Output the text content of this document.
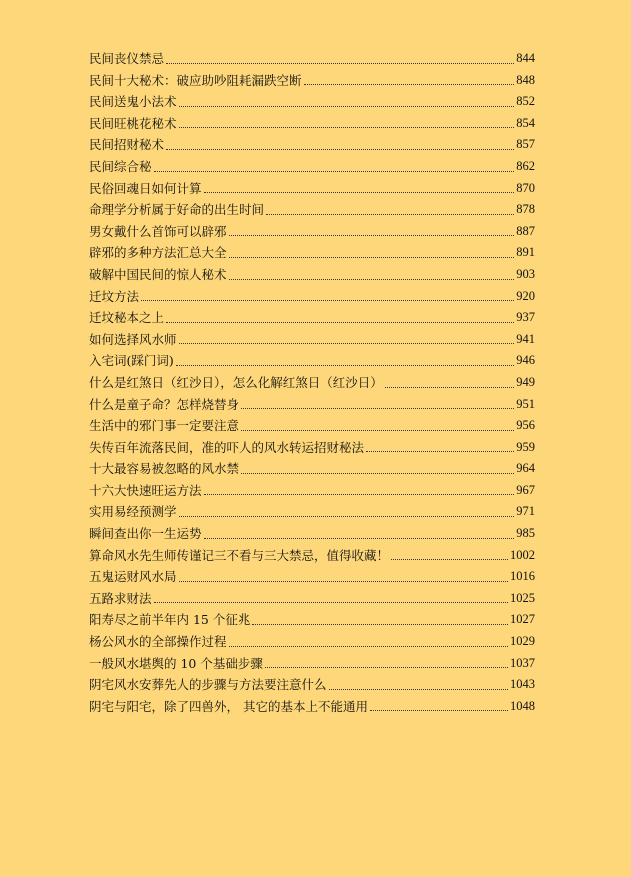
民间丧仪禁忌	844
民间十大秘术：破应助吵阻耗漏跌空断	848
民间送鬼小法术	852
民间旺桃花秘术	854
民间招财秘术	857
民间综合秘	862
民俗回魂日如何计算	870
命理学分析属于好命的出生时间	878
男女戴什么首饰可以辟邪	887
辟邪的多种方法汇总大全	891
破解中国民间的惊人秘术	903
迁坟方法	920
迁坟秘本之上	937
如何选择风水师	941
入宅词(踩门词)	946
什么是红煞日（红沙日），怎么化解红煞日（红沙日）	949
什么是童子命？怎样烧替身	951
生活中的邪门事一定要注意	956
失传百年流落民间，准的吓人的风水转运招财秘法	959
十大最容易被忽略的风水禁	964
十六大快速旺运方法	967
实用易经预测学	971
瞬间查出你一生运势	985
算命风水先生师传谨记三不看与三大禁忌，值得收藏！	1002
五鬼运财风水局	1016
五路求财法	1025
阳寿尽之前半年内 15 个征兆	1027
杨公风水的全部操作过程	1029
一般风水堪舆的 10 个基础步骤	1037
阴宅风水安葬先人的步骤与方法要注意什么	1043
阴宅与阳宅，除了四兽外， 其它的基本上不能通用	1048
